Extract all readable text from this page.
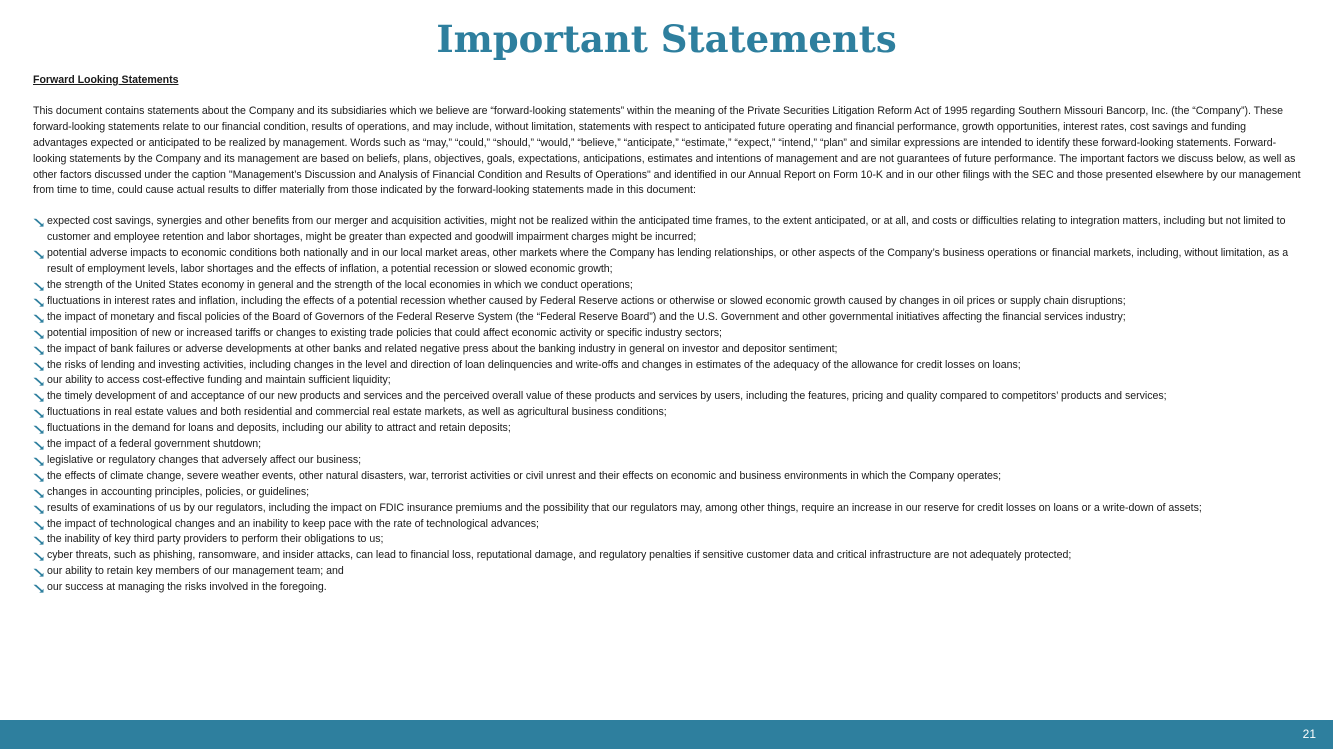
Important Statements

Forward Looking Statements

This document contains statements about the Company and its subsidiaries which we believe are “forward-looking statements” within the meaning of the Private Securities Litigation Reform Act of 1995 regarding Southern Missouri Bancorp, Inc. (the “Company”). These forward-looking statements relate to our financial condition, results of operations, and may include, without limitation, statements with respect to anticipated future operating and financial performance, growth opportunities, interest rates, cost savings and funding advantages expected or anticipated to be realized by management. Words such as “may,” “could,” “should,” “would,” “believe,” “anticipate,” “estimate,” “expect,” “intend,” “plan” and similar expressions are intended to identify these forward-looking statements. Forward-looking statements by the Company and its management are based on beliefs, plans, objectives, goals, expectations, anticipations, estimates and intentions of management and are not guarantees of future performance. The important factors we discuss below, as well as other factors discussed under the caption "Management’s Discussion and Analysis of Financial Condition and Results of Operations" and identified in our Annual Report on Form 10-K and in our other filings with the SEC and those presented elsewhere by our management from time to time, could cause actual results to differ materially from those indicated by the forward-looking statements made in this document:

expected cost savings, synergies and other benefits from our merger and acquisition activities, might not be realized within the anticipated time frames, to the extent anticipated, or at all, and costs or difficulties relating to integration matters, including but not limited to customer and employee retention and labor shortages, might be greater than expected and goodwill impairment charges might be incurred;
potential adverse impacts to economic conditions both nationally and in our local market areas, other markets where the Company has lending relationships, or other aspects of the Company’s business operations or financial markets, including, without limitation, as a result of employment levels, labor shortages and the effects of inflation, a potential recession or slowed economic growth;
the strength of the United States economy in general and the strength of the local economies in which we conduct operations;
fluctuations in interest rates and inflation, including the effects of a potential recession whether caused by Federal Reserve actions or otherwise or slowed economic growth caused by changes in oil prices or supply chain disruptions;
the impact of monetary and fiscal policies of the Board of Governors of the Federal Reserve System (the “Federal Reserve Board”) and the U.S. Government and other governmental initiatives affecting the financial services industry;
potential imposition of new or increased tariffs or changes to existing trade policies that could affect economic activity or specific industry sectors;
the impact of bank failures or adverse developments at other banks and related negative press about the banking industry in general on investor and depositor sentiment;
the risks of lending and investing activities, including changes in the level and direction of loan delinquencies and write-offs and changes in estimates of the adequacy of the allowance for credit losses on loans;
our ability to access cost-effective funding and maintain sufficient liquidity;
the timely development of and acceptance of our new products and services and the perceived overall value of these products and services by users, including the features, pricing and quality compared to competitors’ products and services;
fluctuations in real estate values and both residential and commercial real estate markets, as well as agricultural business conditions;
fluctuations in the demand for loans and deposits, including our ability to attract and retain deposits;
the impact of a federal government shutdown;
legislative or regulatory changes that adversely affect our business;
the effects of climate change, severe weather events, other natural disasters, war, terrorist activities or civil unrest and their effects on economic and business environments in which the Company operates;
changes in accounting principles, policies, or guidelines;
results of examinations of us by our regulators, including the impact on FDIC insurance premiums and the possibility that our regulators may, among other things, require an increase in our reserve for credit losses on loans or a write-down of assets;
the impact of technological changes and an inability to keep pace with the rate of technological advances;
the inability of key third party providers to perform their obligations to us;
cyber threats, such as phishing, ransomware, and insider attacks, can lead to financial loss, reputational damage, and regulatory penalties if sensitive customer data and critical infrastructure are not adequately protected;
our ability to retain key members of our management team; and
our success at managing the risks involved in the foregoing.
21
